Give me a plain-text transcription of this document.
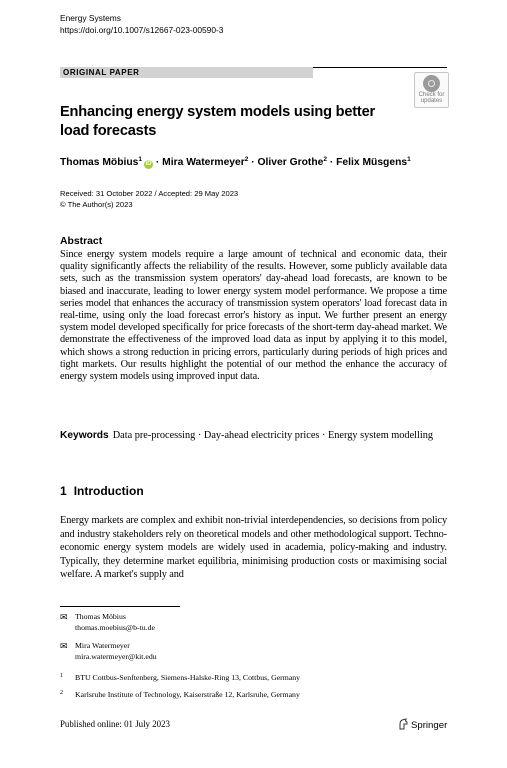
Energy Systems
https://doi.org/10.1007/s12667-023-00590-3
ORIGINAL PAPER
Check for
updates
Enhancing energy system models using better load forecasts
Thomas Möbius$^1$iD · Mira Watermeyer$^2$ · Oliver Grothe$^2$ · Felix Müsgens$^1$
Received: 31 October 2022 / Accepted: 29 May 2023
© The Author(s) 2023
Abstract
Since energy system models require a large amount of technical and economic data, their quality significantly affects the reliability of the results. However, some publicly available data sets, such as the transmission system operators' day-ahead load forecasts, are known to be biased and inaccurate, leading to lower energy system model performance. We propose a time series model that enhances the accuracy of transmission system operators' load forecast data in real-time, using only the load forecast error's history as input. We further present an energy system model developed specifically for price forecasts of the short-term day-ahead market. We demonstrate the effectiveness of the improved load data as input by applying it to this model, which shows a strong reduction in pricing errors, particularly during periods of high prices and tight markets. Our results highlight the potential of our method the enhance the accuracy of energy system models using improved input data.
Keywords Data pre-processing · Day-ahead electricity prices · Energy system modelling
1 Introduction
Energy markets are complex and exhibit non-trivial interdependencies, so decisions from policy and industry stakeholders rely on theoretical models and other methodological support. Techno-economic energy system models are widely used in academia, policy-making and industry. Typically, they determine market equilibria, minimising production costs or maximising social welfare. A market's supply and
✉ Thomas Möbius
thomas.moebius@b-tu.de
✉ Mira Watermeyer
mira.watermeyer@kit.edu
1 BTU Cottbus-Senftenberg, Siemens-Halske-Ring 13, Cottbus, Germany
2 Karlsruhe Institute of Technology, Kaiserstraße 12, Karlsruhe, Germany
Published online: 01 July 2023	Springer
